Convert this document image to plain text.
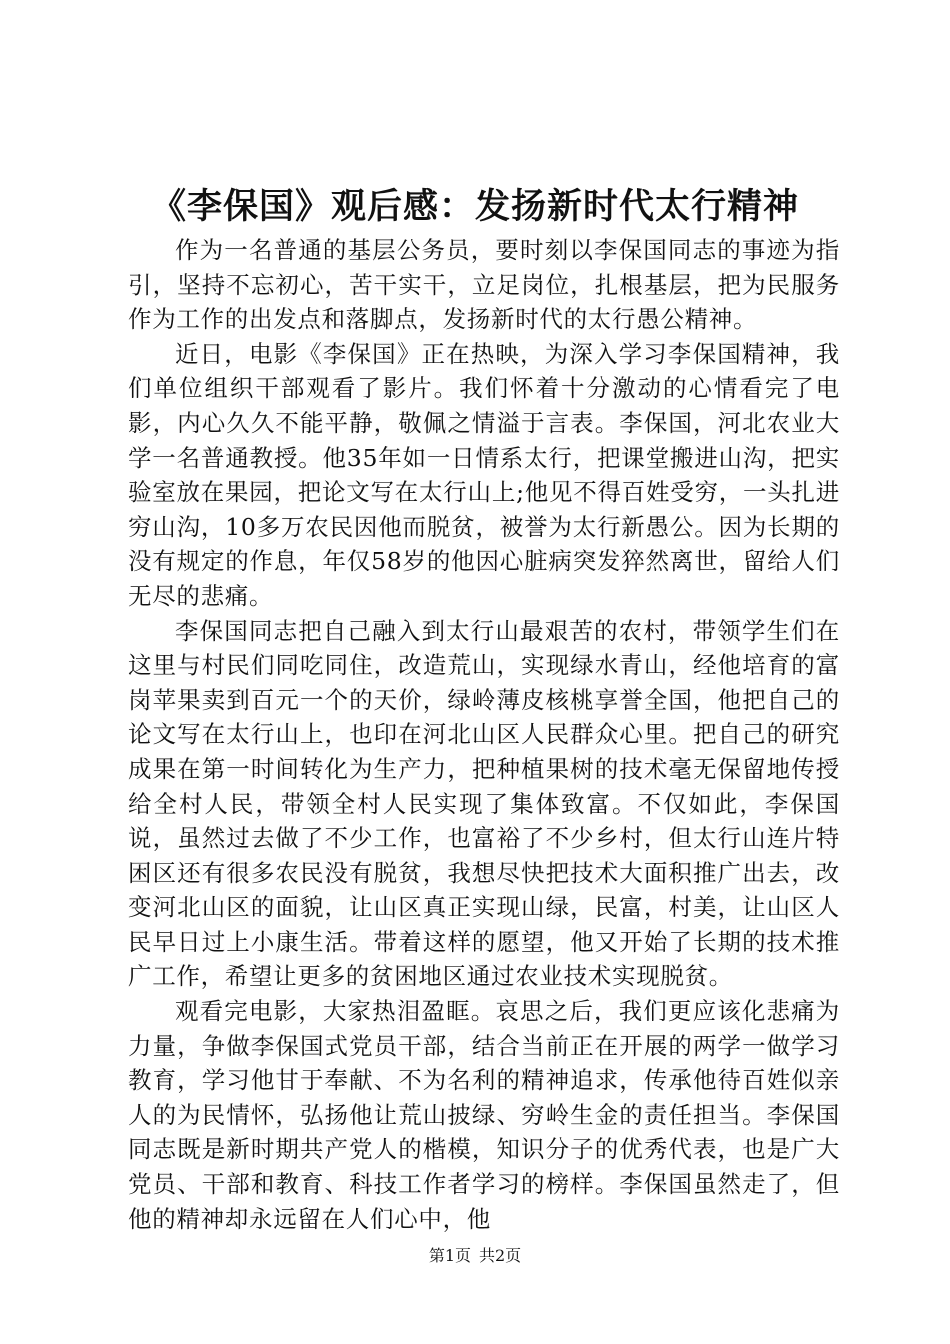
《李保国》观后感：发扬新时代太行精神

作为一名普通的基层公务员，要时刻以李保国同志的事迹为指引，坚持不忘初心，苦干实干，立足岗位，扎根基层，把为民服务作为工作的出发点和落脚点，发扬新时代的太行愚公精神。

近日，电影《李保国》正在热映，为深入学习李保国精神，我们单位组织干部观看了影片。我们怀着十分激动的心情看完了电影，内心久久不能平静，敬佩之情溢于言表。李保国，河北农业大学一名普通教授。他35年如一日情系太行，把课堂搬进山沟，把实验室放在果园，把论文写在太行山上;他见不得百姓受穷，一头扎进穷山沟，10多万农民因他而脱贫，被誉为太行新愚公。因为长期的没有规定的作息，年仅58岁的他因心脏病突发猝然离世，留给人们无尽的悲痛。

李保国同志把自己融入到太行山最艰苦的农村，带领学生们在这里与村民们同吃同住，改造荒山，实现绿水青山，经他培育的富岗苹果卖到百元一个的天价，绿岭薄皮核桃享誉全国，他把自己的论文写在太行山上，也印在河北山区人民群众心里。把自己的研究成果在第一时间转化为生产力，把种植果树的技术毫无保留地传授给全村人民，带领全村人民实现了集体致富。不仅如此，李保国说，虽然过去做了不少工作，也富裕了不少乡村，但太行山连片特困区还有很多农民没有脱贫，我想尽快把技术大面积推广出去，改变河北山区的面貌，让山区真正实现山绿，民富，村美，让山区人民早日过上小康生活。带着这样的愿望，他又开始了长期的技术推广工作，希望让更多的贫困地区通过农业技术实现脱贫。

观看完电影，大家热泪盈眶。哀思之后，我们更应该化悲痛为力量，争做李保国式党员干部，结合当前正在开展的两学一做学习教育，学习他甘于奉献、不为名利的精神追求，传承他待百姓似亲人的为民情怀，弘扬他让荒山披绿、穷岭生金的责任担当。李保国同志既是新时期共产党人的楷模，知识分子的优秀代表，也是广大党员、干部和教育、科技工作者学习的榜样。李保国虽然走了，但他的精神却永远留在人们心中，他

第1页 共2页
